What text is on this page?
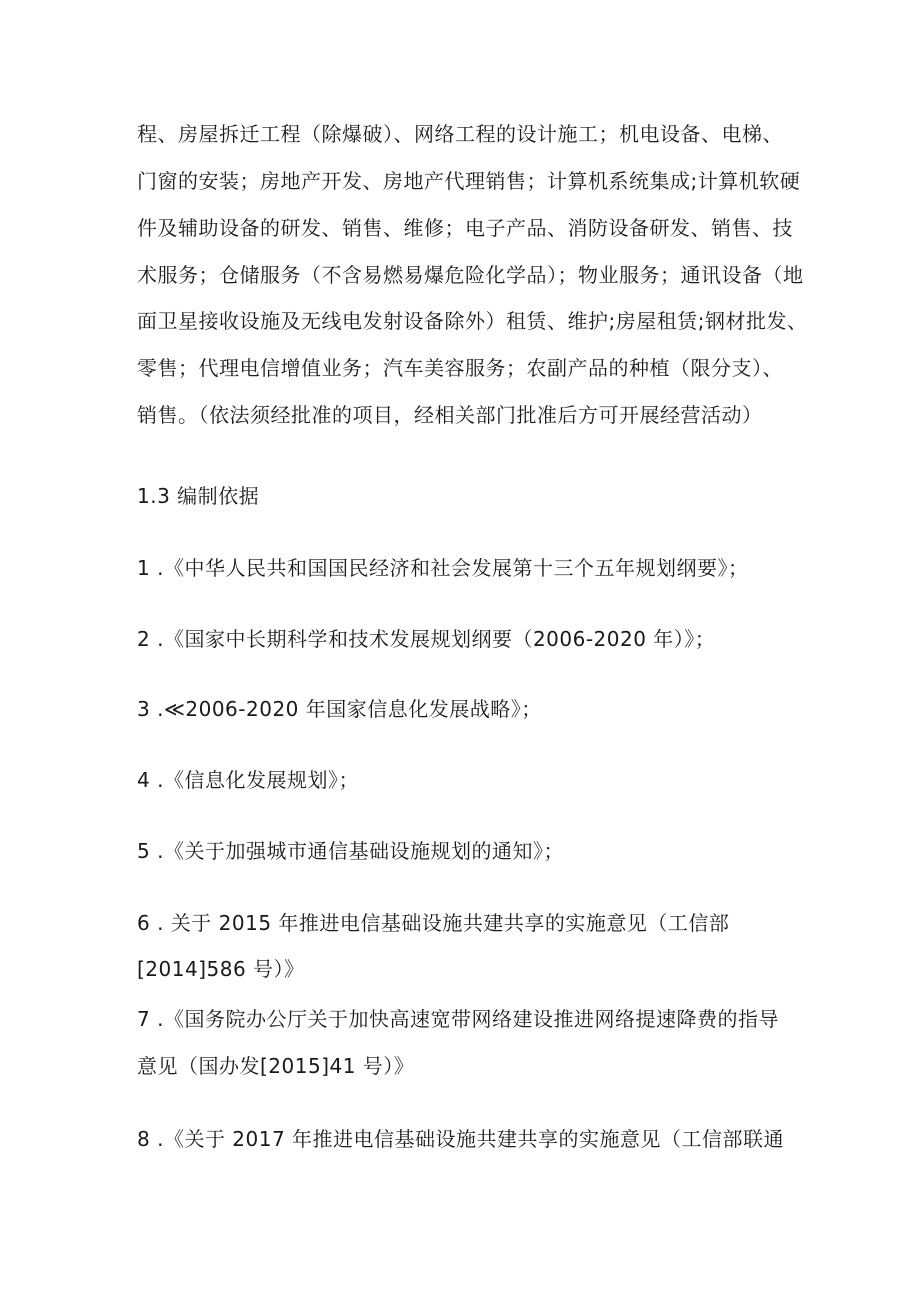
程、房屋拆迁工程（除爆破）、网络工程的设计施工；机电设备、电梯、
门窗的安装；房地产开发、房地产代理销售；计算机系统集成;计算机软硬
件及辅助设备的研发、销售、维修；电子产品、消防设备研发、销售、技
术服务；仓储服务（不含易燃易爆危险化学品）；物业服务；通讯设备（地
面卫星接收设施及无线电发射设备除外）租赁、维护;房屋租赁;钢材批发、
零售；代理电信增值业务；汽车美容服务；农副产品的种植（限分支）、
销售。（依法须经批准的项目，经相关部门批准后方可开展经营活动）
1.3 编制依据
1 .《中华人民共和国国民经济和社会发展第十三个五年规划纲要》；
2 .《国家中长期科学和技术发展规划纲要（2006-2020 年）》；
3 .≪2006-2020 年国家信息化发展战略》；
4 .《信息化发展规划》；
5 .《关于加强城市通信基础设施规划的通知》；
6 . 关于 2015 年推进电信基础设施共建共享的实施意见（工信部
[2014]586 号）》
7 .《国务院办公厅关于加快高速宽带网络建设推进网络提速降费的指导
意见（国办发[2015]41 号）》
8 .《关于 2017 年推进电信基础设施共建共享的实施意见（工信部联通
